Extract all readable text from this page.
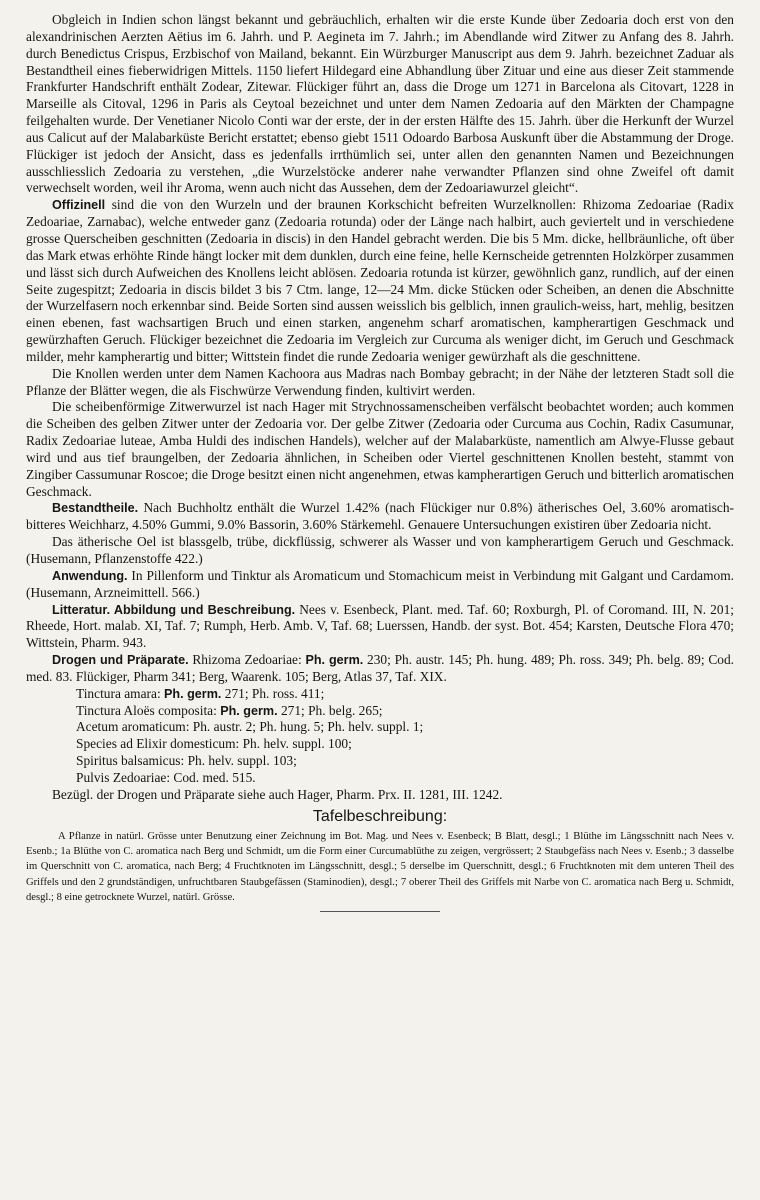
Obgleich in Indien schon längst bekannt und gebräuchlich, erhalten wir die erste Kunde über Zedoaria doch erst von den alexandrinischen Aerzten Aëtius im 6. Jahrh. und P. Aegineta im 7. Jahrh.; im Abendlande wird Zitwer zu Anfang des 8. Jahrh. durch Benedictus Crispus, Erzbischof von Mailand, bekannt. Ein Würzburger Manuscript aus dem 9. Jahrh. bezeichnet Zaduar als Bestandtheil eines fieberwidrigen Mittels. 1150 liefert Hildegard eine Abhandlung über Zituar und eine aus dieser Zeit stammende Frankfurter Handschrift enthält Zodear, Zitewar. Flückiger führt an, dass die Droge um 1271 in Barcelona als Citovart, 1228 in Marseille als Citoval, 1296 in Paris als Ceytoal bezeichnet und unter dem Namen Zedoaria auf den Märkten der Champagne feilgehalten wurde. Der Venetianer Nicolo Conti war der erste, der in der ersten Hälfte des 15. Jahrh. über die Herkunft der Wurzel aus Calicut auf der Malabarküste Bericht erstattet; ebenso giebt 1511 Odoardo Barbosa Auskunft über die Abstammung der Droge. Flückiger ist jedoch der Ansicht, dass es jedenfalls irrthümlich sei, unter allen den genannten Namen und Bezeichnungen ausschliesslich Zedoaria zu verstehen, „die Wurzelstöcke anderer nahe verwandter Pflanzen sind ohne Zweifel oft damit verwechselt worden, weil ihr Aroma, wenn auch nicht das Aussehen, dem der Zedoariawurzel gleicht“.

Offizinell sind die von den Wurzeln und der braunen Korkschicht befreiten Wurzelknollen: Rhizoma Zedoariae (Radix Zedoariae, Zarnabac), welche entweder ganz (Zedoaria rotunda) oder der Länge nach halbirt, auch geviertelt und in verschiedene grosse Querscheiben geschnitten (Zedoaria in discis) in den Handel gebracht werden. Die bis 5 Mm. dicke, hellbräunliche, oft über das Mark etwas erhöhte Rinde hängt locker mit dem dunklen, durch eine feine, helle Kernscheide getrennten Holzkörper zusammen und lässt sich durch Aufweichen des Knollens leicht ablösen. Zedoaria rotunda ist kürzer, gewöhnlich ganz, rundlich, auf der einen Seite zugespitzt; Zedoaria in discis bildet 3 bis 7 Ctm. lange, 12—24 Mm. dicke Stücken oder Scheiben, an denen die Abschnitte der Wurzelfasern noch erkennbar sind. Beide Sorten sind aussen weisslich bis gelblich, innen graulich-weiss, hart, mehlig, besitzen einen ebenen, fast wachsartigen Bruch und einen starken, angenehm scharf aromatischen, kampherartigen Geschmack und gewürzhaften Geruch. Flückiger bezeichnet die Zedoaria im Vergleich zur Curcuma als weniger dicht, im Geruch und Geschmack milder, mehr kampherartig und bitter; Wittstein findet die runde Zedoaria weniger gewürzhaft als die geschnittene.

Die Knollen werden unter dem Namen Kachoora aus Madras nach Bombay gebracht; in der Nähe der letzteren Stadt soll die Pflanze der Blätter wegen, die als Fischwürze Verwendung finden, kultivirt werden.

Die scheibenförmige Zitwerwurzel ist nach Hager mit Strychnossamenscheiben verfälscht beobachtet worden; auch kommen die Scheiben des gelben Zitwer unter der Zedoaria vor. Der gelbe Zitwer (Zedoaria oder Curcuma aus Cochin, Radix Casumunar, Radix Zedoariae luteae, Amba Huldi des indischen Handels), welcher auf der Malabarküste, namentlich am Alwye-Flusse gebaut wird und aus tief braungelben, der Zedoaria ähnlichen, in Scheiben oder Viertel geschnittenen Knollen besteht, stammt von Zingiber Cassumunar Roscoe; die Droge besitzt einen nicht angenehmen, etwas kampherartigen Geruch und bitterlich aromatischen Geschmack.

Bestandtheile. Nach Buchholtz enthält die Wurzel 1.42% (nach Flückiger nur 0.8%) ätherisches Oel, 3.60% aromatisch-bitteres Weichharz, 4.50% Gummi, 9.0% Bassorin, 3.60% Stärkemehl. Genauere Untersuchungen existiren über Zedoaria nicht.

Das ätherische Oel ist blassgelb, trübe, dickflüssig, schwerer als Wasser und von kampherartigem Geruch und Geschmack. (Husemann, Pflanzenstoffe 422.)

Anwendung. In Pillenform und Tinktur als Aromaticum und Stomachicum meist in Verbindung mit Galgant und Cardamom. (Husemann, Arzneimittell. 566.)

Litteratur. Abbildung und Beschreibung. Nees v. Esenbeck, Plant. med. Taf. 60; Roxburgh, Pl. of Coromand. III, N. 201; Rheede, Hort. malab. XI, Taf. 7; Rumph, Herb. Amb. V, Taf. 68; Luerssen, Handb. der syst. Bot. 454; Karsten, Deutsche Flora 470; Wittstein, Pharm. 943.

Drogen und Präparate. Rhizoma Zedoariae: Ph. germ. 230; Ph. austr. 145; Ph. hung. 489; Ph. ross. 349; Ph. belg. 89; Cod. med. 83. Flückiger, Pharm 341; Berg, Waarenk. 105; Berg, Atlas 37, Taf. XIX.

Tinctura amara: Ph. germ. 271; Ph. ross. 411;

Tinctura Aloës composita: Ph. germ. 271; Ph. belg. 265;

Acetum aromaticum: Ph. austr. 2; Ph. hung. 5; Ph. helv. suppl. 1;

Species ad Elixir domesticum: Ph. helv. suppl. 100;

Spiritus balsamicus: Ph. helv. suppl. 103;

Pulvis Zedoariae: Cod. med. 515.

Bezügl. der Drogen und Präparate siehe auch Hager, Pharm. Prx. II. 1281, III. 1242.

Tafelbeschreibung:

A Pflanze in natürl. Grösse unter Benutzung einer Zeichnung im Bot. Mag. und Nees v. Esenbeck; B Blatt, desgl.; 1 Blüthe im Längsschnitt nach Nees v. Esenb.; 1a Blüthe von C. aromatica nach Berg und Schmidt, um die Form einer Curcumablüthe zu zeigen, vergrössert; 2 Staubgefäss nach Nees v. Esenb.; 3 dasselbe im Querschnitt von C. aromatica, nach Berg; 4 Fruchtknoten im Längsschnitt, desgl.; 5 derselbe im Querschnitt, desgl.; 6 Fruchtknoten mit dem unteren Theil des Griffels und den 2 grundständigen, unfruchtbaren Staubgefässen (Staminodien), desgl.; 7 oberer Theil des Griffels mit Narbe von C. aromatica nach Berg u. Schmidt, desgl.; 8 eine getrocknete Wurzel, natürl. Grösse.
